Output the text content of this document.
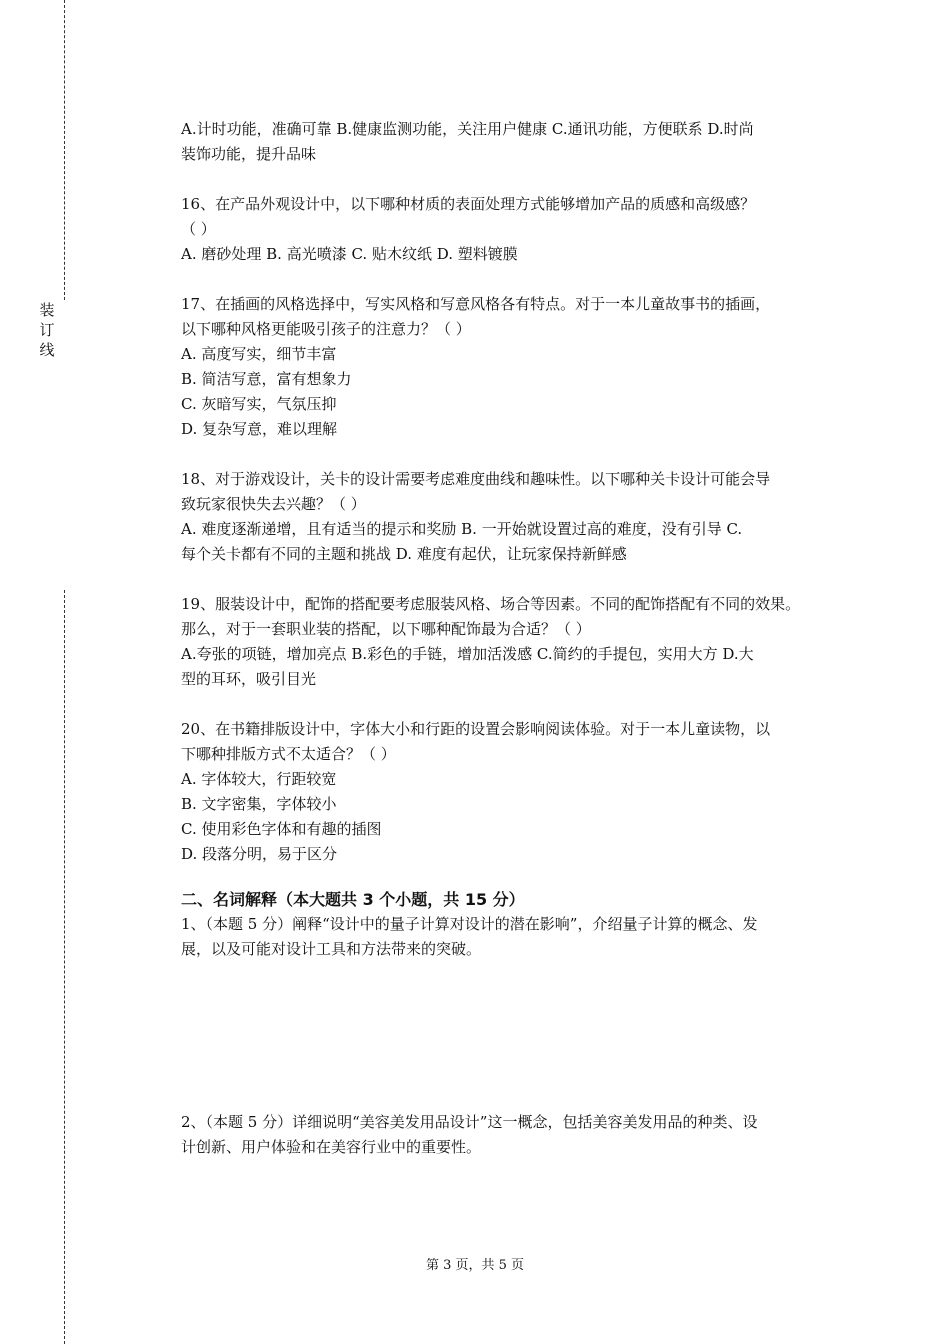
装
订
线

A.计时功能，准确可靠 B.健康监测功能，关注用户健康 C.通讯功能，方便联系 D.时尚

装饰功能，提升品味

16、在产品外观设计中，以下哪种材质的表面处理方式能够增加产品的质感和高级感？

（ ）

A. 磨砂处理 B. 高光喷漆 C. 贴木纹纸 D. 塑料镀膜

17、在插画的风格选择中，写实风格和写意风格各有特点。对于一本儿童故事书的插画，

以下哪种风格更能吸引孩子的注意力？（ ）

A. 高度写实，细节丰富

B. 简洁写意，富有想象力

C. 灰暗写实，气氛压抑

D. 复杂写意，难以理解

18、对于游戏设计，关卡的设计需要考虑难度曲线和趣味性。以下哪种关卡设计可能会导

致玩家很快失去兴趣？（ ）

A. 难度逐渐递增，且有适当的提示和奖励 B. 一开始就设置过高的难度，没有引导 C.

每个关卡都有不同的主题和挑战 D. 难度有起伏，让玩家保持新鲜感

19、服装设计中，配饰的搭配要考虑服装风格、场合等因素。不同的配饰搭配有不同的效果。

那么，对于一套职业装的搭配，以下哪种配饰最为合适？（ ）

A.夸张的项链，增加亮点 B.彩色的手链，增加活泼感 C.简约的手提包，实用大方 D.大

型的耳环，吸引目光

20、在书籍排版设计中，字体大小和行距的设置会影响阅读体验。对于一本儿童读物，以

下哪种排版方式不太适合？（ ）

A. 字体较大，行距较宽

B. 文字密集，字体较小

C. 使用彩色字体和有趣的插图

D. 段落分明，易于区分

二、名词解释（本大题共 3 个小题，共 15 分）

1、（本题 5 分）阐释“设计中的量子计算对设计的潜在影响”，介绍量子计算的概念、发

展，以及可能对设计工具和方法带来的突破。

2、（本题 5 分）详细说明“美容美发用品设计”这一概念，包括美容美发用品的种类、设

计创新、用户体验和在美容行业中的重要性。

第 3 页，共 5 页
